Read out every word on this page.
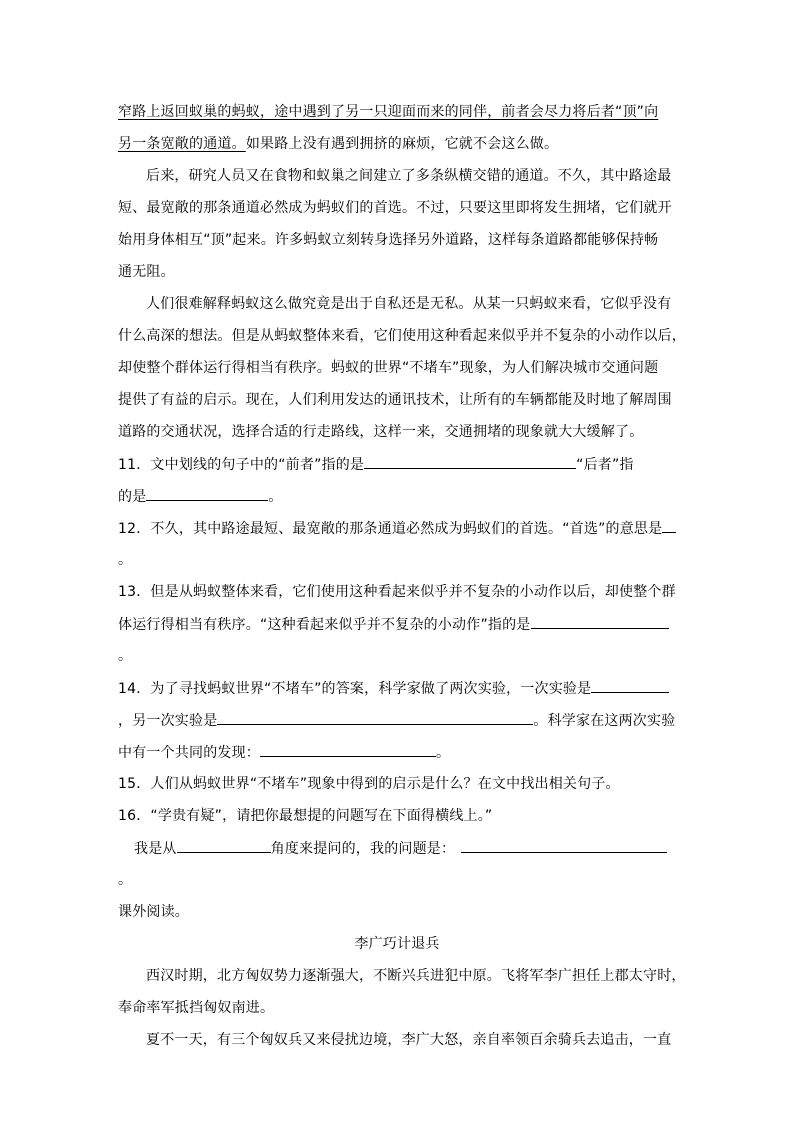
窄路上返回蚁巢的蚂蚁，途中遇到了另一只迎面而来的同伴，前者会尽力将后者“顶”向
另一条宽敞的通道。如果路上没有遇到拥挤的麻烦，它就不会这么做。
后来，研究人员又在食物和蚁巢之间建立了多条纵横交错的通道。不久，其中路途最
短、最宽敞的那条通道必然成为蚂蚁们的首选。不过，只要这里即将发生拥堵，它们就开
始用身体相互“顶”起来。许多蚂蚁立刻转身选择另外道路，这样每条道路都能够保持畅
通无阻。
人们很难解释蚂蚁这么做究竟是出于自私还是无私。从某一只蚂蚁来看，它似乎没有
什么高深的想法。但是从蚂蚁整体来看，它们使用这种看起来似乎并不复杂的小动作以后，
却使整个群体运行得相当有秩序。蚂蚁的世界“不堵车”现象，为人们解决城市交通问题
提供了有益的启示。现在，人们利用发达的通讯技术，让所有的车辆都能及时地了解周围
道路的交通状况，选择合适的行走路线，这样一来，交通拥堵的现象就大大缓解了。
11．文中划线的句子中的“前者”指的是	“后者”指
的是	。
12．不久，其中路途最短、最宽敞的那条通道必然成为蚂蚁们的首选。“首选”的意思是
。
13．但是从蚂蚁整体来看，它们使用这种看起来似乎并不复杂的小动作以后，却使整个群
体运行得相当有秩序。“这种看起来似乎并不复杂的小动作”指的是
。
14．为了寻找蚂蚁世界“不堵车”的答案，科学家做了两次实验，一次实验是
，另一次实验是	。科学家在这两次实验
中有一个共同的发现：	。
15．人们从蚂蚁世界“不堵车”现象中得到的启示是什么？在文中找出相关句子。
16．“学贵有疑”，请把你最想提的问题写在下面得横线上。”
我是从	角度来提问的，我的问题是：
。
课外阅读。
李广巧计退兵
西汉时期，北方匈奴势力逐渐强大，不断兴兵进犯中原。飞将军李广担任上郡太守时，
奉命率军抵挡匈奴南进。
夏不一天，有三个匈奴兵又来侵扰边境，李广大怒，亲自率领百余骑兵去追击，一直
